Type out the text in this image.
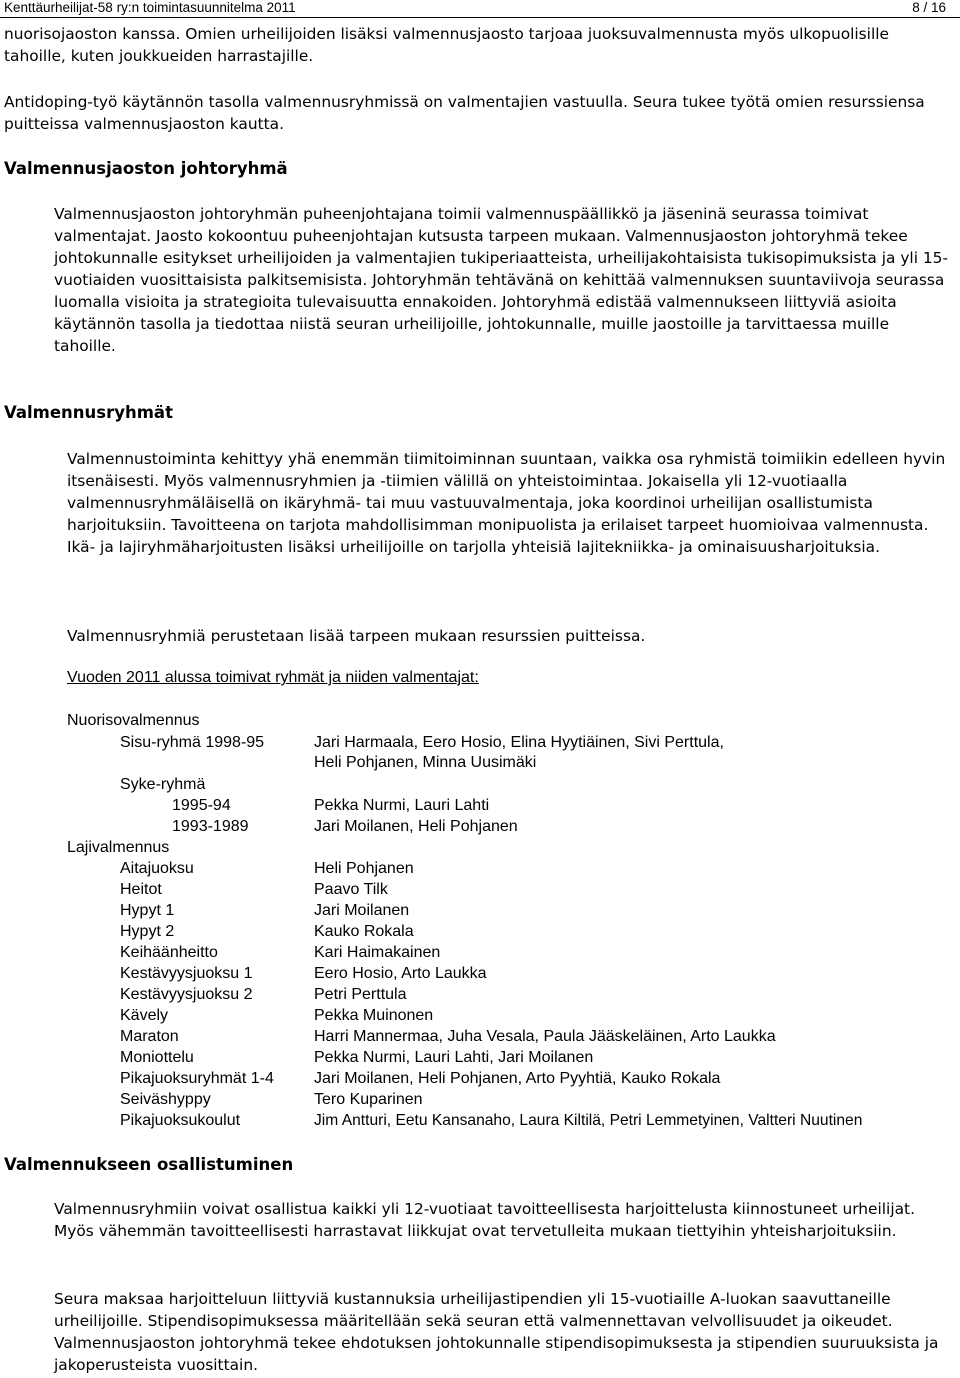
Kenttäurheilijat-58 ry:n toimintasuunnitelma 2011	8 / 16

nuorisojaoston kanssa. Omien urheilijoiden lisäksi valmennusjaosto tarjoaa juoksuvalmennusta myös ulkopuolisille tahoille, kuten joukkueiden harrastajille.

Antidoping-työ käytännön tasolla valmennusryhmissä on valmentajien vastuulla. Seura tukee työtä omien resurssiensa puitteissa valmennusjaoston kautta.

Valmennusjaoston johtoryhmä

Valmennusjaoston johtoryhmän puheenjohtajana toimii valmennuspäällikkö ja jäseninä seurassa toimivat valmentajat. Jaosto kokoontuu puheenjohtajan kutsusta tarpeen mukaan. Valmennusjaoston johtoryhmä tekee johtokunnalle esitykset urheilijoiden ja valmentajien tukiperiaatteista, urheilijakohtaisista tukisopimuksista ja yli 15-vuotiaiden vuosittaisista palkitsemisista. Johtoryhmän tehtävänä on kehittää valmennuksen suuntaviivoja seurassa luomalla visioita ja strategioita tulevaisuutta ennakoiden. Johtoryhmä edistää valmennukseen liittyviä asioita käytännön tasolla ja tiedottaa niistä seuran urheilijoille, johtokunnalle, muille jaostoille ja tarvittaessa muille tahoille.

Valmennusryhmät

Valmennustoiminta kehittyy yhä enemmän tiimitoiminnan suuntaan, vaikka osa ryhmistä toimiikin edelleen hyvin itsenäisesti. Myös valmennusryhmien ja -tiimien välillä on yhteistoimintaa. Jokaisella yli 12-vuotiaalla valmennusryhmäläisellä on ikäryhmä- tai muu vastuuvalmentaja, joka koordinoi urheilijan osallistumista harjoituksiin. Tavoitteena on tarjota mahdollisimman monipuolista ja erilaiset tarpeet huomioivaa valmennusta. Ikä- ja lajiryhmäharjoitusten lisäksi urheilijoille on tarjolla yhteisiä lajitekniikka- ja ominaisuusharjoituksia.

Valmennusryhmiä perustetaan lisää tarpeen mukaan resurssien puitteissa.

Vuoden 2011 alussa toimivat ryhmät ja niiden valmentajat:

Nuorisovalmennus
Sisu-ryhmä 1998-95	Jari Harmaala, Eero Hosio, Elina Hyytiäinen, Sivi Perttula,
Heli Pohjanen, Minna Uusimäki
Syke-ryhmä
1995-94	Pekka Nurmi, Lauri Lahti
1993-1989	Jari Moilanen, Heli Pohjanen
Lajivalmennus
Aitajuoksu	Heli Pohjanen
Heitot	Paavo Tilk
Hypyt 1	Jari Moilanen
Hypyt 2	Kauko Rokala
Keihäänheitto	Kari Haimakainen
Kestävyysjuoksu 1	Eero Hosio, Arto Laukka
Kestävyysjuoksu 2	Petri Perttula
Kävely	Pekka Muinonen
Maraton	Harri Mannermaa, Juha Vesala, Paula Jääskeläinen, Arto Laukka
Moniottelu	Pekka Nurmi, Lauri Lahti, Jari Moilanen
Pikajuoksuryhmät 1-4	Jari Moilanen, Heli Pohjanen, Arto Pyyhtiä, Kauko Rokala
Seiväshyppy	Tero Kuparinen
Pikajuoksukoulut	Jim Antturi, Eetu Kansanaho, Laura Kiltilä, Petri Lemmetyinen, Valtteri Nuutinen
Valmennukseen osallistuminen

Valmennusryhmiin voivat osallistua kaikki yli 12-vuotiaat tavoitteellisesta harjoittelusta kiinnostuneet urheilijat. Myös vähemmän tavoitteellisesti harrastavat liikkujat ovat tervetulleita mukaan tiettyihin yhteisharjoituksiin.

Seura maksaa harjoitteluun liittyviä kustannuksia urheilijastipendien yli 15-vuotiaille A-luokan saavuttaneille urheilijoille. Stipendisopimuksessa määritellään sekä seuran että valmennettavan velvollisuudet ja oikeudet. Valmennusjaoston johtoryhmä tekee ehdotuksen johtokunnalle stipendisopimuksesta ja stipendien suuruuksista ja jakoperusteista vuosittain.
